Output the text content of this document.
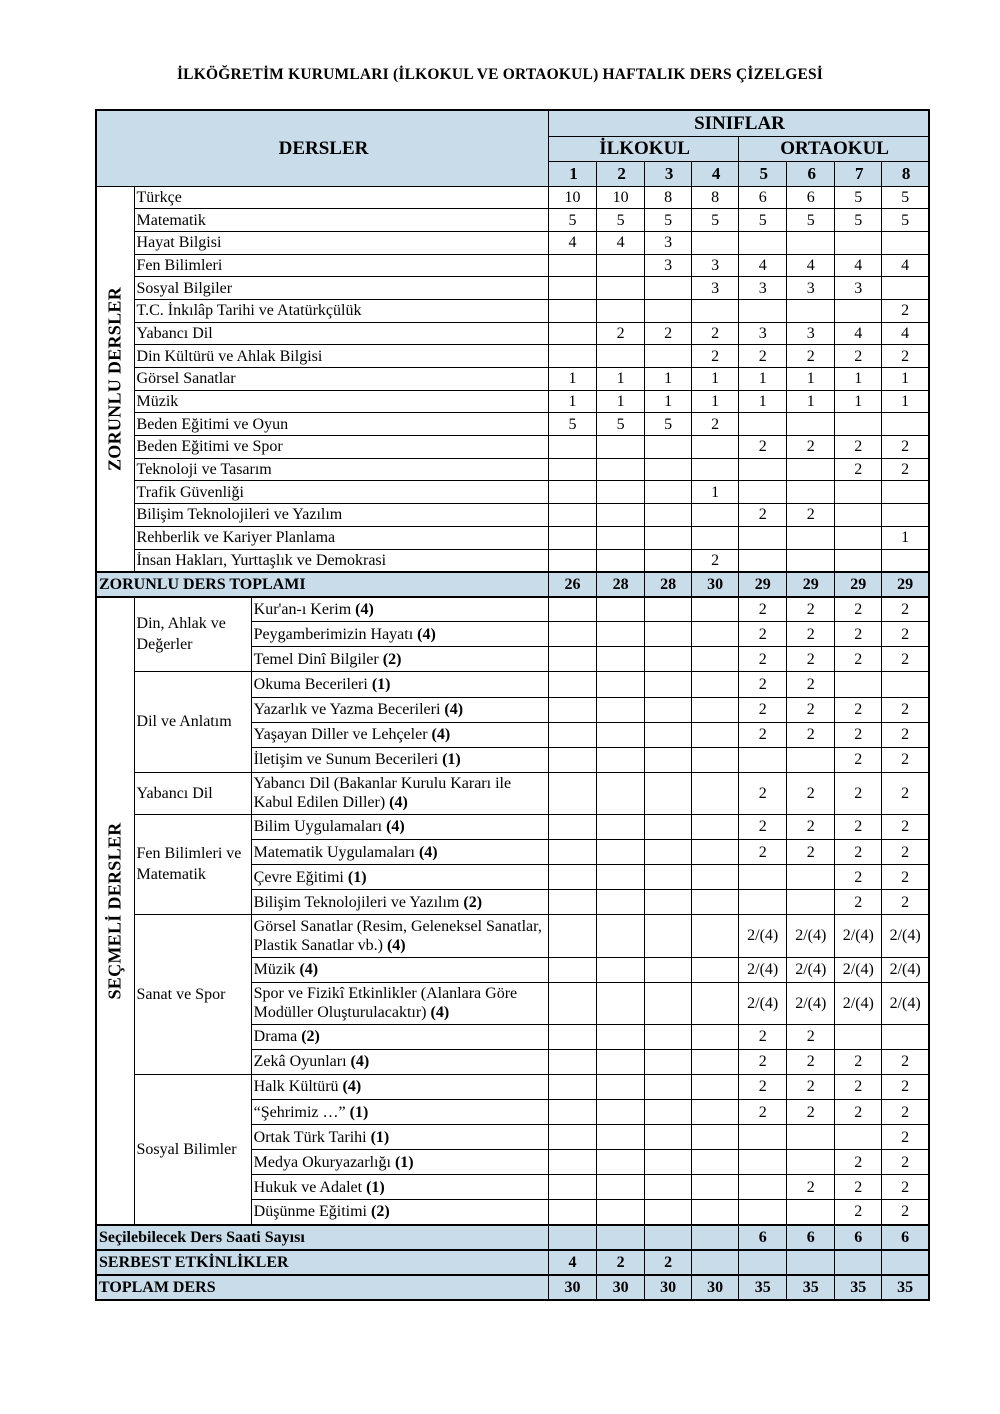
İLKÖĞRETİM KURUMLARI (İLKOKUL VE ORTAOKUL) HAFTALIK DERS ÇİZELGESİ
DERSLER			SINIFLAR							
			İLKOKUL				ORTAOKUL			
			1	2	3	4	5	6	7	8

ZORUNLU DERSLER	Türkçe		10	10	8	8	6	6	5	5
	Matematik		5	5	5	5	5	5	5	5
	Hayat Bilgisi		4	4	3					
	Fen Bilimleri				3	3	4	4	4	4
	Sosyal Bilgiler					3	3	3	3	
	T.C. İnkılâp Tarihi ve Atatürkçülük									2
	Yabancı Dil			2	2	2	3	3	4	4
	Din Kültürü ve Ahlak Bilgisi					2	2	2	2	2
	Görsel Sanatlar		1	1	1	1	1	1	1	1
	Müzik		1	1	1	1	1	1	1	1
	Beden Eğitimi ve Oyun		5	5	5	2				
	Beden Eğitimi ve Spor						2	2	2	2
	Teknoloji ve Tasarım								2	2
	Trafik Güvenliği					1				
	Bilişim Teknolojileri ve Yazılım						2	2		
	Rehberlik ve Kariyer Planlama									1
	İnsan Hakları, Yurttaşlık ve Demokrasi					2				
ZORUNLU DERS TOPLAMI			26	28	28	30	29	29	29	29

SEÇMELİ DERSLER	Din, Ahlak ve Değerler	Kur'an-ı Kerim (4)					2	2	2	2
		Peygamberimizin Hayatı (4)					2	2	2	2
		Temel Dinî Bilgiler (2)					2	2	2	2
	Dil ve Anlatım	Okuma Becerileri (1)					2	2		
		Yazarlık ve Yazma Becerileri (4)					2	2	2	2
		Yaşayan Diller ve Lehçeler (4)					2	2	2	2
		İletişim ve Sunum Becerileri (1)							2	2
	Yabancı Dil	Yabancı Dil (Bakanlar Kurulu Kararı ile Kabul Edilen Diller) (4)					2	2	2	2
	Fen Bilimleri ve Matematik	Bilim Uygulamaları (4)					2	2	2	2
		Matematik Uygulamaları (4)					2	2	2	2
		Çevre Eğitimi (1)							2	2
		Bilişim Teknolojileri ve Yazılım (2)							2	2
	Sanat ve Spor	Görsel Sanatlar (Resim, Geleneksel Sanatlar, Plastik Sanatlar vb.) (4)					2/(4)	2/(4)	2/(4)	2/(4)
		Müzik (4)					2/(4)	2/(4)	2/(4)	2/(4)
		Spor ve Fizikî Etkinlikler (Alanlara Göre Modüller Oluşturulacaktır) (4)					2/(4)	2/(4)	2/(4)	2/(4)
		Drama (2)					2	2		
		Zekâ Oyunları (4)					2	2	2	2
	Sosyal Bilimler	Halk Kültürü (4)					2	2	2	2
		“Şehrimiz …” (1)					2	2	2	2
		Ortak Türk Tarihi (1)								2
		Medya Okuryazarlığı (1)							2	2
		Hukuk ve Adalet (1)						2	2	2
		Düşünme Eğitimi (2)							2	2
Seçilebilecek Ders Saati Sayısı							6	6	6	6
SERBEST ETKİNLİKLER			4	2	2					
TOPLAM DERS			30	30	30	30	35	35	35	35
